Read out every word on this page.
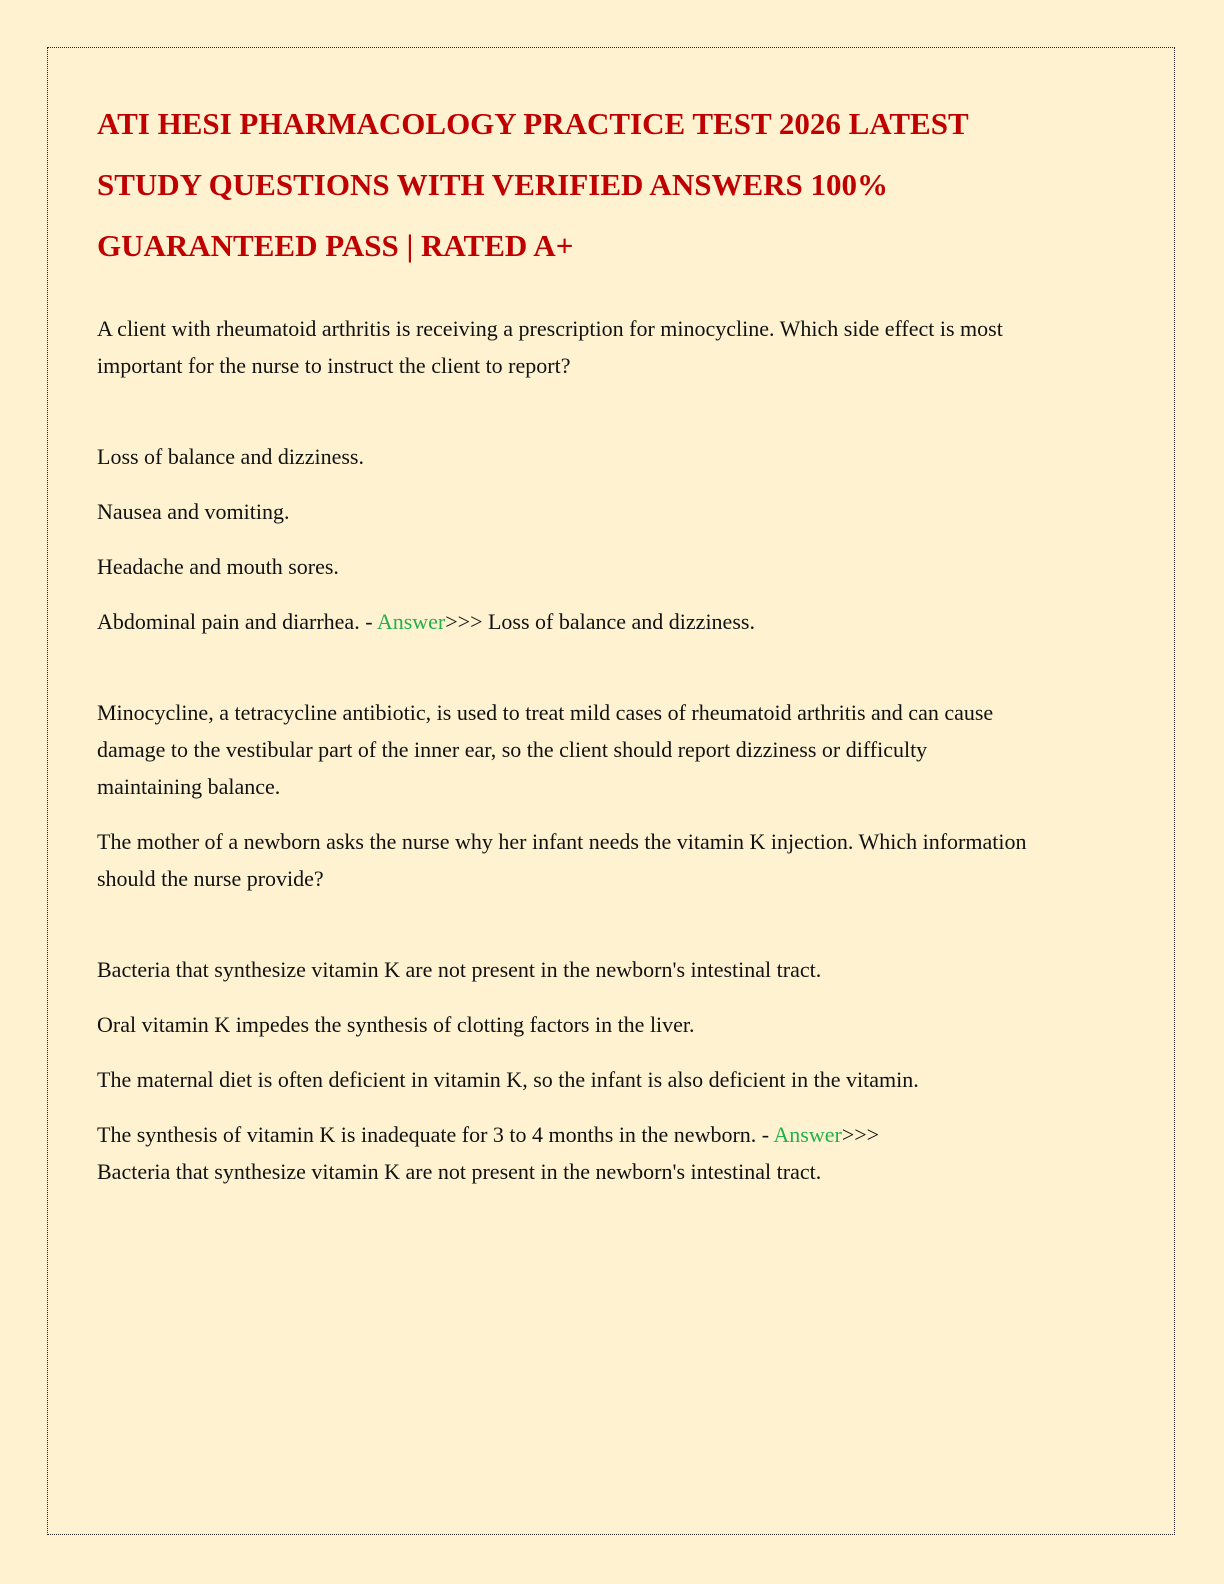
ATI HESI PHARMACOLOGY PRACTICE TEST 2026 LATEST STUDY QUESTIONS WITH VERIFIED ANSWERS 100% GUARANTEED PASS | RATED A+

A client with rheumatoid arthritis is receiving a prescription for minocycline. Which side effect is most important for the nurse to instruct the client to report?

Loss of balance and dizziness.

Nausea and vomiting.

Headache and mouth sores.

Abdominal pain and diarrhea. - Answer>>> Loss of balance and dizziness.

Minocycline, a tetracycline antibiotic, is used to treat mild cases of rheumatoid arthritis and can cause damage to the vestibular part of the inner ear, so the client should report dizziness or difficulty maintaining balance.

The mother of a newborn asks the nurse why her infant needs the vitamin K injection. Which information should the nurse provide?

Bacteria that synthesize vitamin K are not present in the newborn's intestinal tract.

Oral vitamin K impedes the synthesis of clotting factors in the liver.

The maternal diet is often deficient in vitamin K, so the infant is also deficient in the vitamin.

The synthesis of vitamin K is inadequate for 3 to 4 months in the newborn. - Answer>>>
Bacteria that synthesize vitamin K are not present in the newborn's intestinal tract.
